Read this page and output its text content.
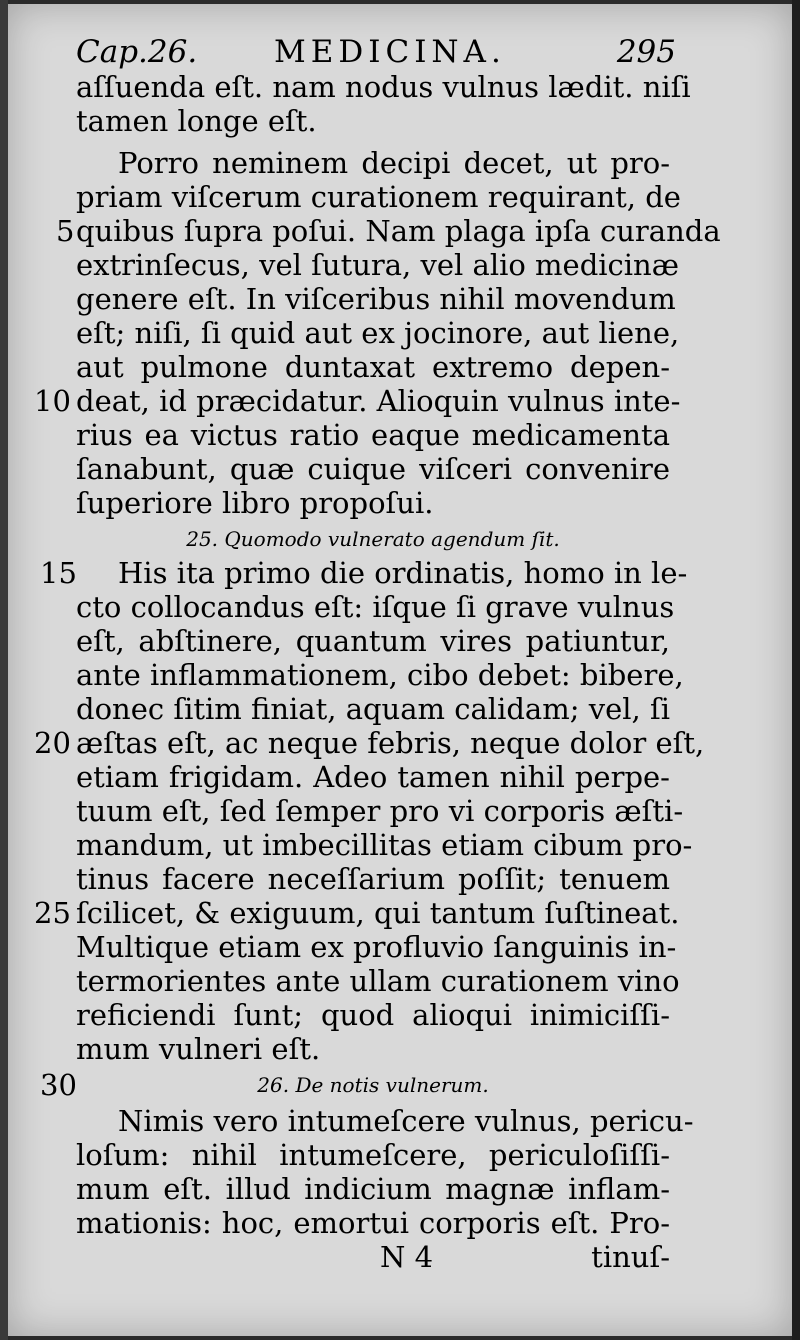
Cap.26. MEDICINA.	295
aſſuenda eſt. nam nodus vulnus lædit. niſi
tamen longe eſt.
Porro neminem decipi decet, ut pro-
priam viſcerum curationem requirant, de
quibus ſupra poſui. Nam plaga ipſa curanda
extrinſecus, vel ſutura, vel alio medicinæ
genere eſt. In viſceribus nihil movendum
eſt; niſi, ſi quid aut ex jocinore, aut liene,
aut pulmone duntaxat extremo depen-
deat, id præcidatur. Alioquin vulnus inte-
rius ea victus ratio eaque medicamenta
ſanabunt, quæ cuique viſceri convenire
ſuperiore libro propoſui.
25. Quomodo vulnerato agendum ſit.
His ita primo die ordinatis, homo in le-
cto collocandus eſt: iſque ſi grave vulnus
eſt, abſtinere, quantum vires patiuntur,
ante inflammationem, cibo debet: bibere,
donec ſitim finiat, aquam calidam; vel, ſi
æſtas eſt, ac neque febris, neque dolor eſt,
etiam frigidam. Adeo tamen nihil perpe-
tuum eſt, ſed ſemper pro vi corporis æſti-
mandum, ut imbecillitas etiam cibum pro-
tinus facere neceſſarium poſſit; tenuem
ſcilicet, & exiguum, qui tantum ſuſtineat.
Multique etiam ex profluvio ſanguinis in-
termorientes ante ullam curationem vino
reficiendi ſunt; quod alioqui inimiciſſi-
mum vulneri eſt.
26. De notis vulnerum.
Nimis vero intumeſcere vulnus, pericu-
loſum: nihil intumeſcere, periculoſiſſi-
mum eſt. illud indicium magnæ inflam-
mationis: hoc, emortui corporis eſt. Pro-
5
10
15
20
25
30
N 4	tinuſ-
